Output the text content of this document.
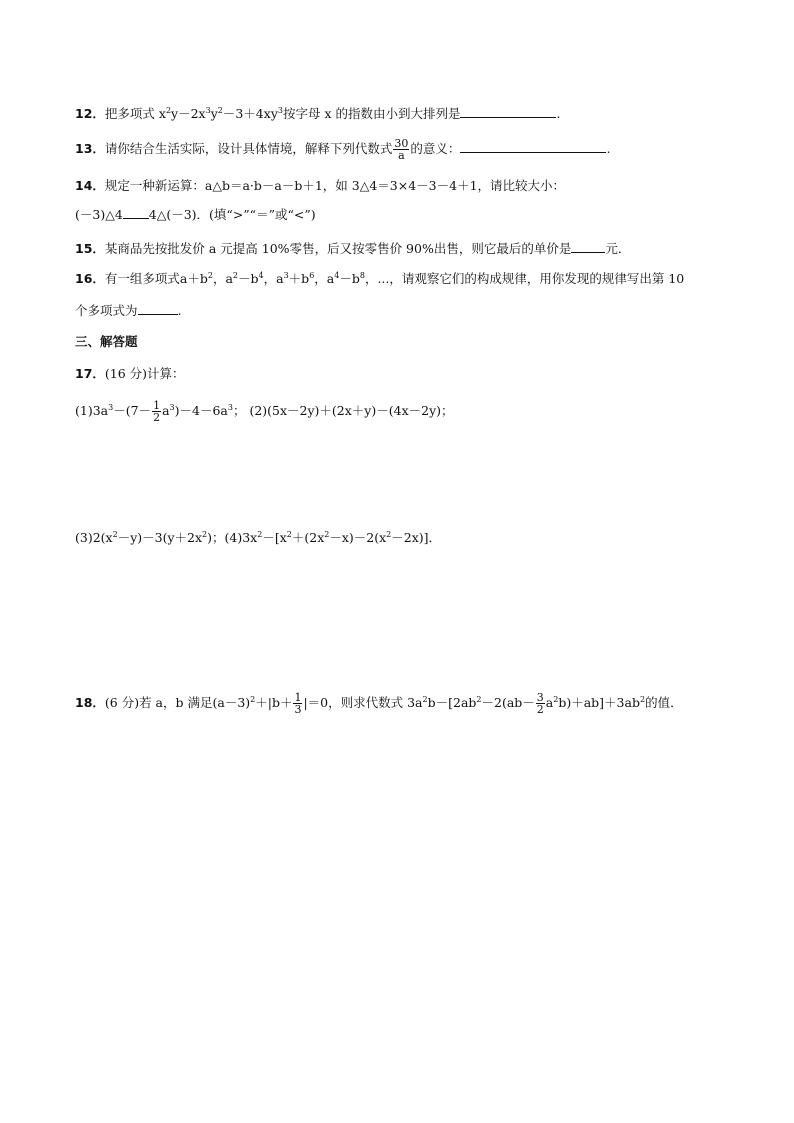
12．把多项式 $x^2y-2x^3y^2-3+4xy^3$按字母 x 的指数由小到大排列是	.
13．请你结合生活实际，设计具体情境，解释下列代数式 $\frac{30}{a}$ 的意义：	.
14．规定一种新运算：a△b＝a·b－a－b＋1，如 3△4＝3×4－3－4＋1，请比较大小：
(－3)△4 4△(－3)．(填“>”“＝”或“<”)
15．某商品先按批发价 a 元提高 10%零售，后又按零售价 90%出售，则它最后的单价是	元．
16．有一组多项式$a+b^2$，$a^2-b^4$，$a^3+b^6$，$a^4-b^8$，...，请观察它们的构成规律，用你发现的规律写出第 10
个多项式为	.
三、解答题
17．(16 分)计算：
$(1)3a^3-(7- \frac{1}{2} a^3)-4-6a^3$； (2)(5x－2y)＋(2x＋y)－(4x－2y)；
$(3)2(x^2-y)-3(y+2x^2)$；$(4)3x^2-[x^2+(2x^2-x)-2(x^2-2x)]$．
18．(6 分)若 a，b 满足$(a-3)^2+|b+ \frac{1}{3} |=0$，则求代数式 $3a^2b-[2ab^2-2(ab- \frac{3}{2} a^2b)+ab]+3ab^2$的值．
